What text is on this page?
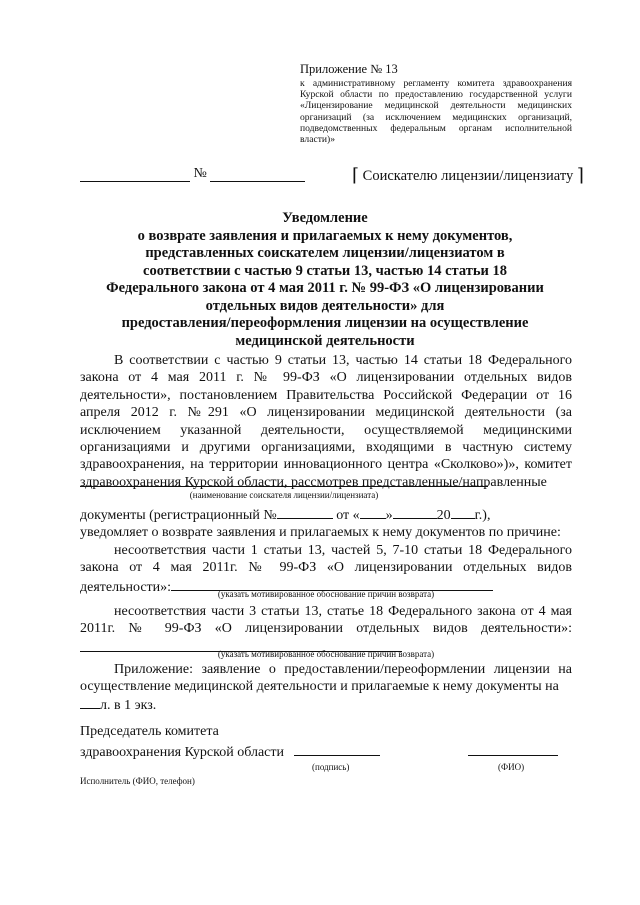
Приложение № 13
к административному регламенту комитета здравоохранения Курской области по предоставлению государственной услуги «Лицензирование медицинской деятельности медицинских организаций (за исключением медицинских организаций, подведомственных федеральным органам исполнительной власти)»
№	⌈ Соискателю лицензии/лицензиату ⌉
Уведомление
о возврате заявления и прилагаемых к нему документов,
представленных соискателем лицензии/лицензиатом в
соответствии с частью 9 статьи 13, частью 14 статьи 18
Федерального закона от 4 мая 2011 г. № 99-ФЗ «О лицензировании
отдельных видов деятельности» для
предоставления/переоформления лицензии на осуществление
медицинской деятельности
В соответствии с частью 9 статьи 13, частью 14 статьи 18 Федерального закона от 4 мая 2011 г. № 99-ФЗ «О лицензировании отдельных видов деятельности», постановлением Правительства Российской Федерации от 16 апреля 2012 г. №291 «О лицензировании медицинской деятельности (за исключением указанной деятельности, осуществляемой медицинскими организациями и другими организациями, входящими в частную систему здравоохранения, на территории инновационного центра «Сколково»)», комитет здравоохранения Курской области, рассмотрев представленные/направленные
(наименование соискателя лицензии/лицензиата)
документы (регистрационный №	от « »	20 г.),
уведомляет о возврате заявления и прилагаемых к нему документов по причине:
несоответствия части 1 статьи 13, частей 5, 7-10 статьи 18 Федерального закона от 4 мая 2011г. № 99-ФЗ «О лицензировании отдельных видов деятельности»:	(указать мотивированное обоснование причин возврата)
несоответствия части 3 статьи 13, статье 18 Федерального закона от 4 мая 2011г. № 99-ФЗ «О лицензировании отдельных видов деятельности»:
(указать мотивированное обоснование причин возврата)
Приложение: заявление о предоставлении/переоформлении лицензии на осуществление медицинской деятельности и прилагаемые к нему документы на
л. в 1 экз.
Председатель комитета
здравоохранения Курской области
(подпись)	(ФИО)
Исполнитель (ФИО, телефон)
